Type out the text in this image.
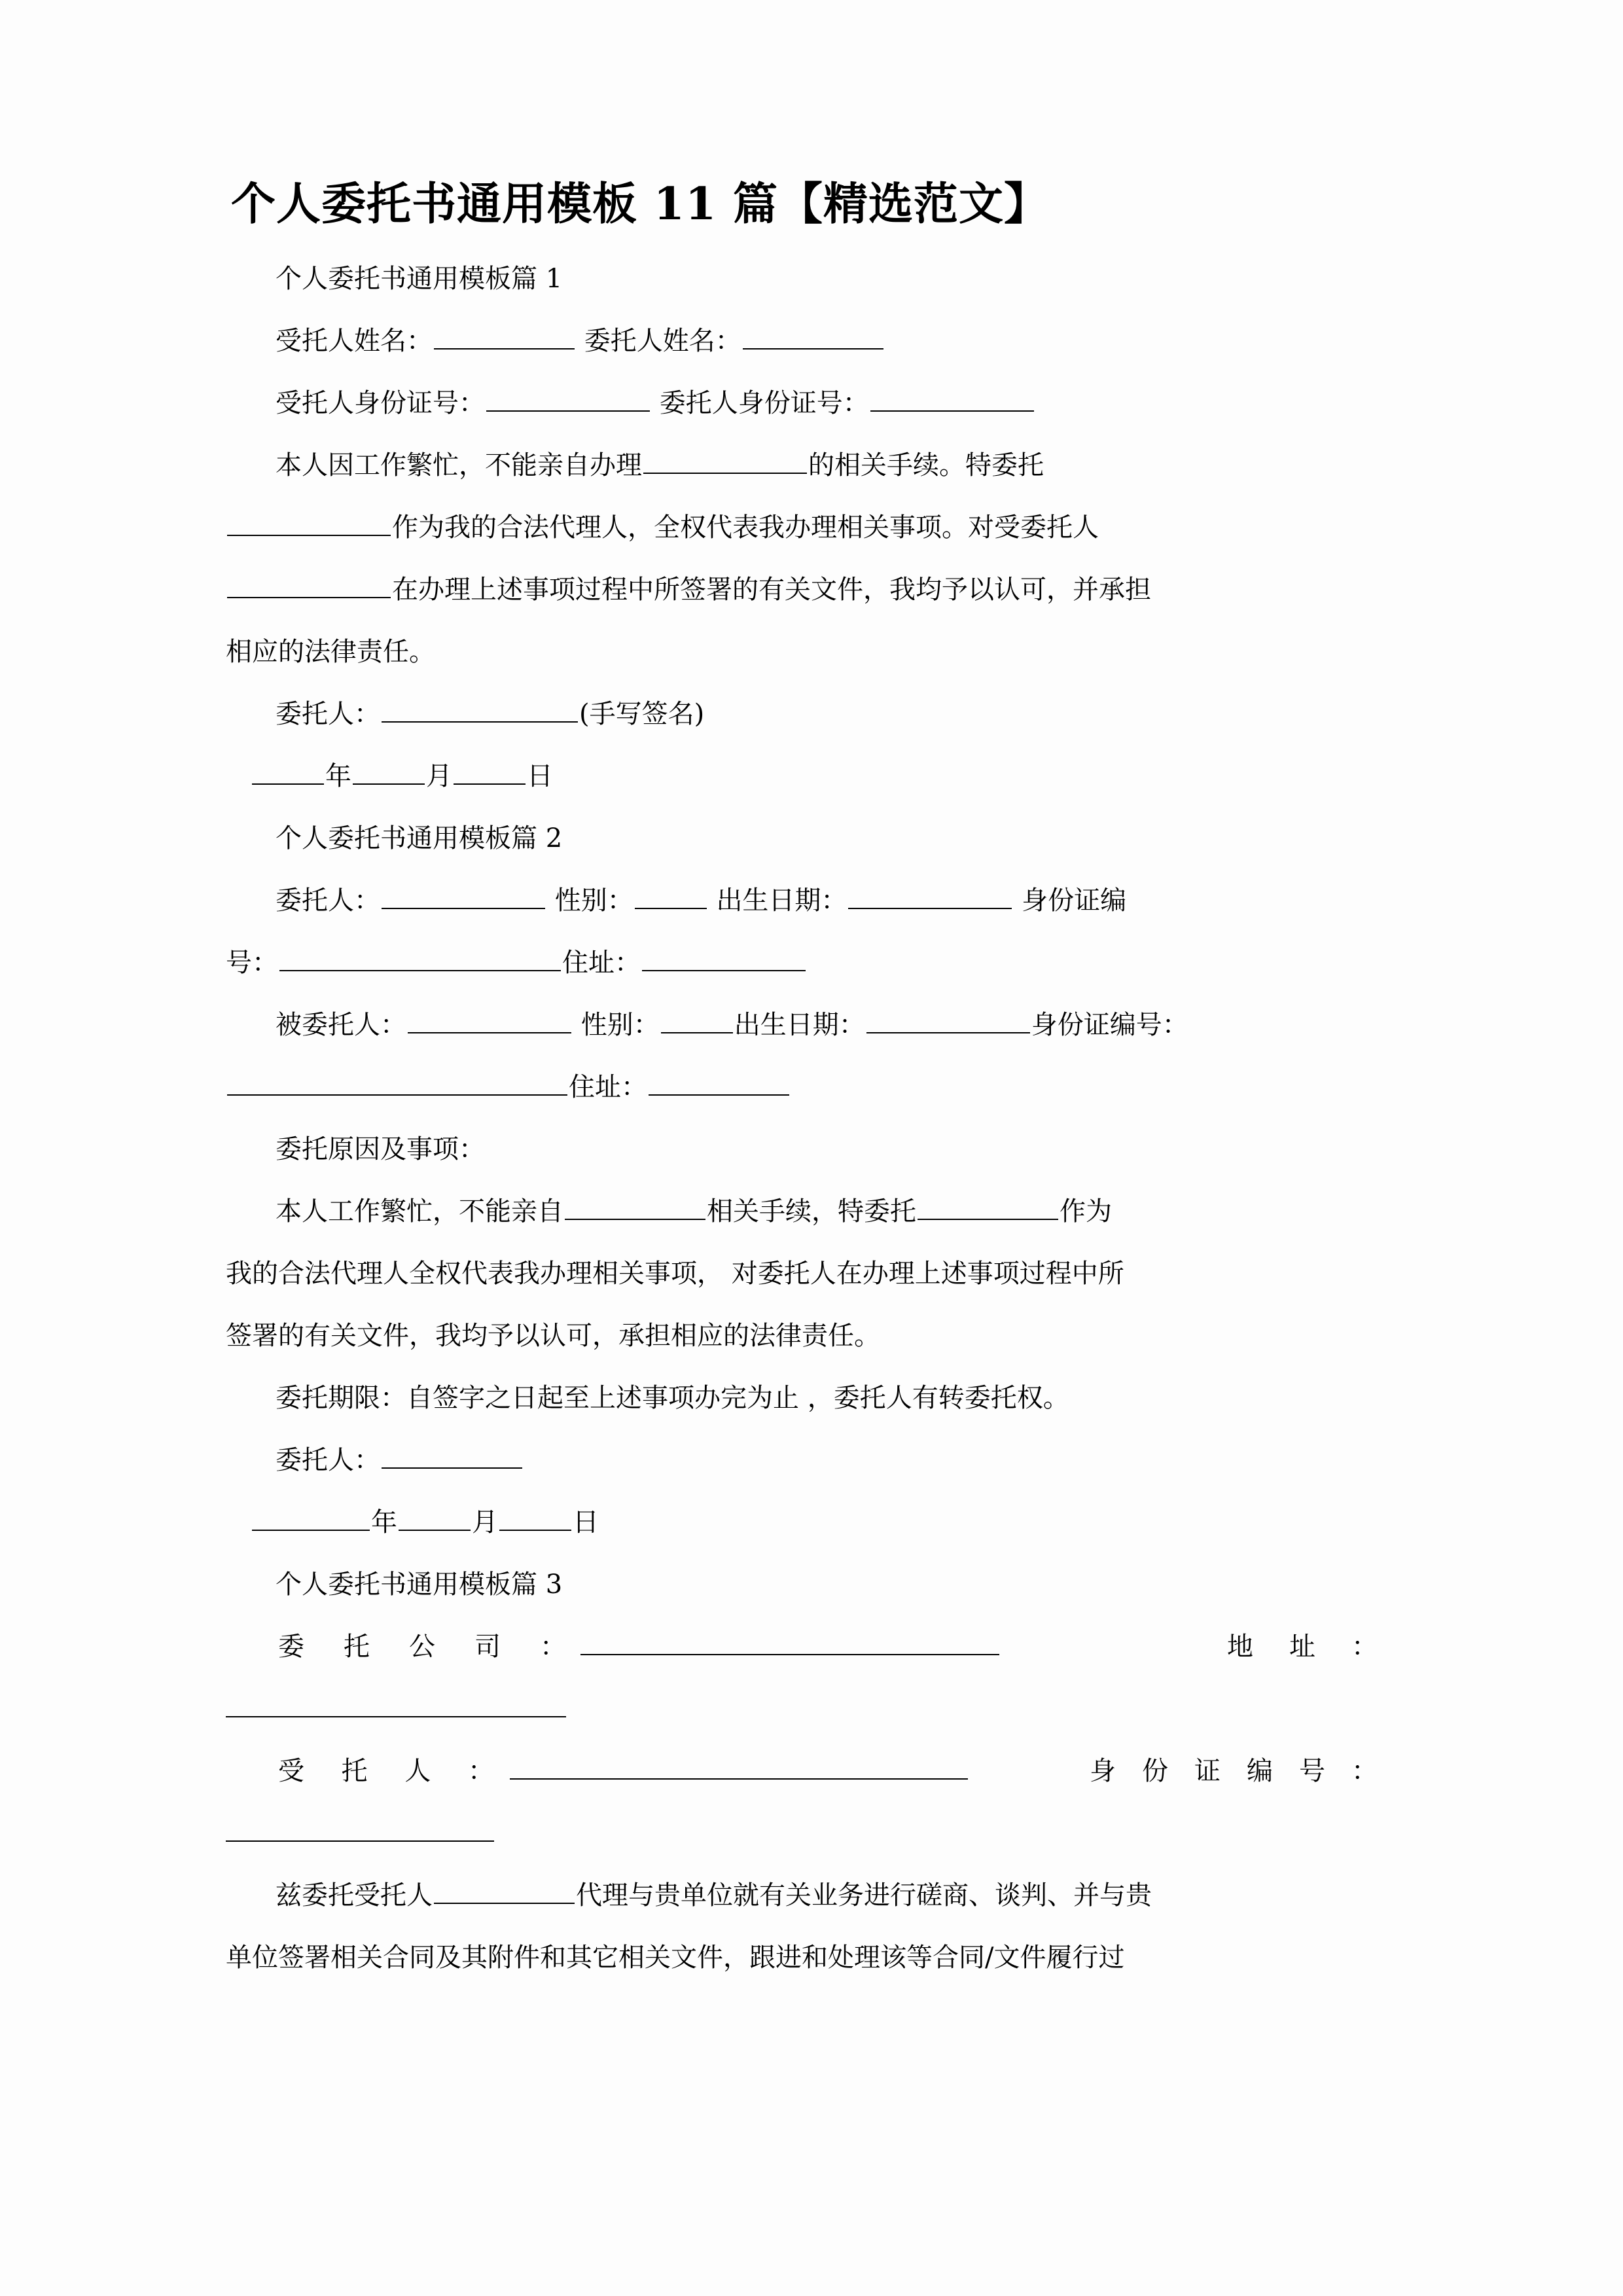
个人委托书通用模板 11 篇【精选范文】
个人委托书通用模板篇 1
受托人姓名：	委托人姓名：
受托人身份证号：	委托人身份证号：
本人因工作繁忙，不能亲自办理	的相关手续。特委托
作为我的合法代理人，全权代表我办理相关事项。对受委托人
在办理上述事项过程中所签署的有关文件，我均予以认可，并承担
相应的法律责任。
委托人：	(手写签名)
年	月	日
个人委托书通用模板篇 2
委托人：	性别：	出生日期：	身份证编
号：	住址：
被委托人：	性别：	出生日期：	身份证编号：
住址：
委托原因及事项：
本人工作繁忙，不能亲自	相关手续，特委托	作为
我的合法代理人全权代表我办理相关事项， 对委托人在办理上述事项过程中所
签署的有关文件，我均予以认可，承担相应的法律责任。
委托期限：自签字之日起至上述事项办完为止 ，委托人有转委托权。
委托人：
年	月	日
个人委托书通用模板篇 3
委 托 公 司 ：	地 址 ：
受 托 人 ：	身 份 证 编 号 ：
兹委托受托人	代理与贵单位就有关业务进行磋商、谈判、并与贵
单位签署相关合同及其附件和其它相关文件，跟进和处理该等合同/文件履行过
